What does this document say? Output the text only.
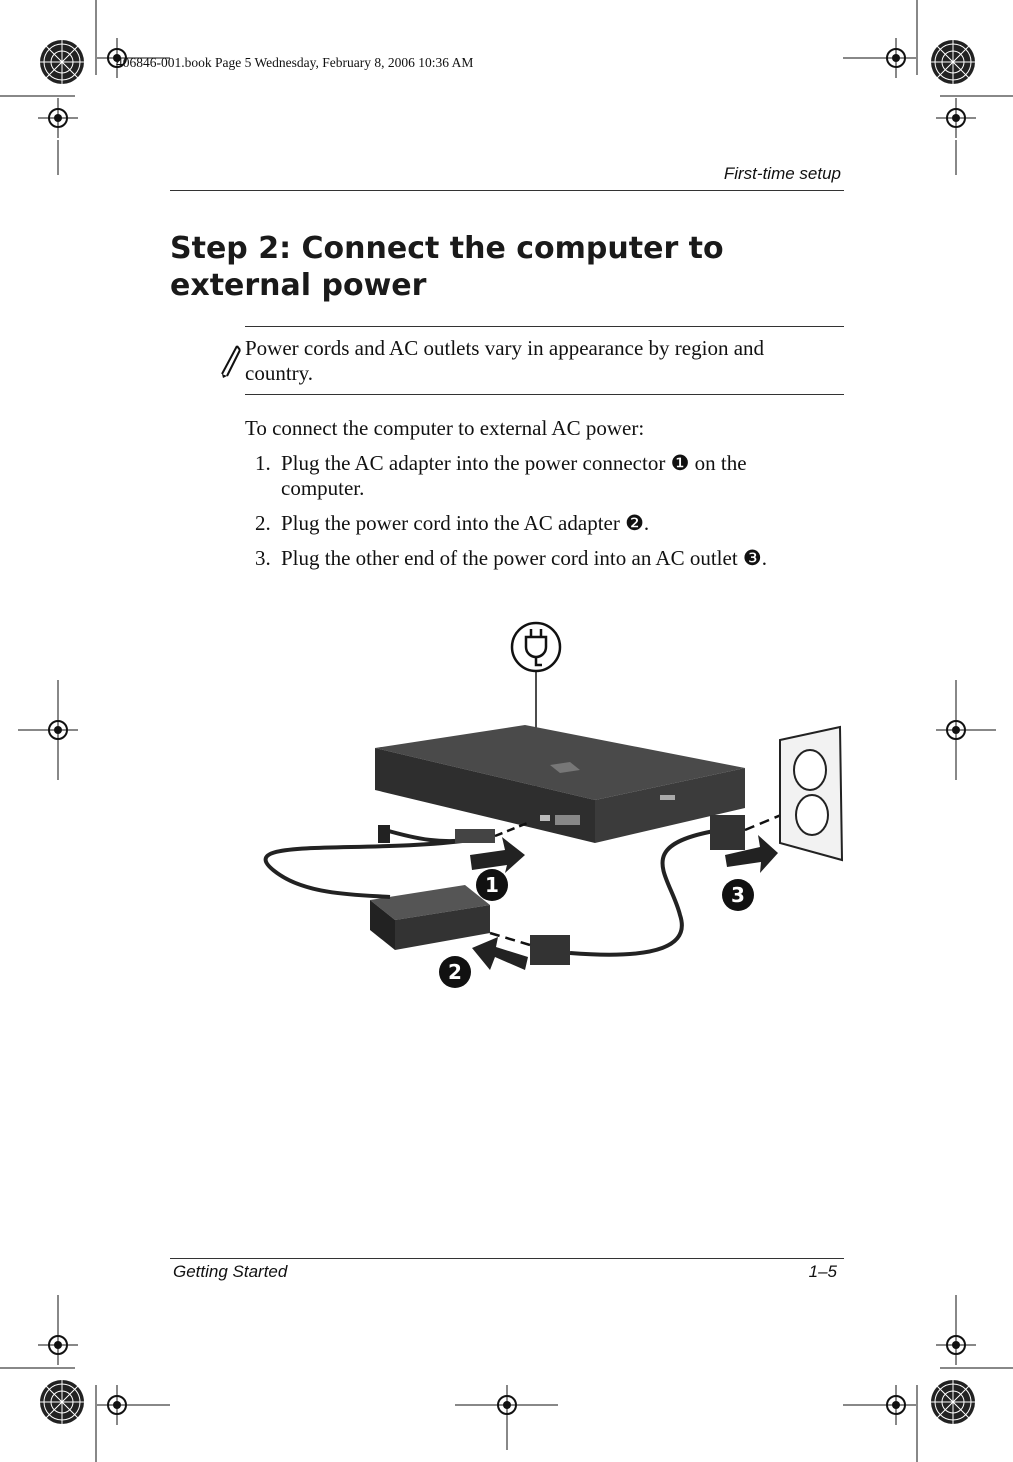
406846-001.book Page 5 Wednesday, February 8, 2006 10:36 AM
First-time setup
Step 2: Connect the computer to external power
Power cords and AC outlets vary in appearance by region and country.
To connect the computer to external AC power:
1. Plug the AC adapter into the power connector ❶ on the computer.
2. Plug the power cord into the AC adapter ❷.
3. Plug the other end of the power cord into an AC outlet ❸.
1
2
3
Getting Started	1–5
